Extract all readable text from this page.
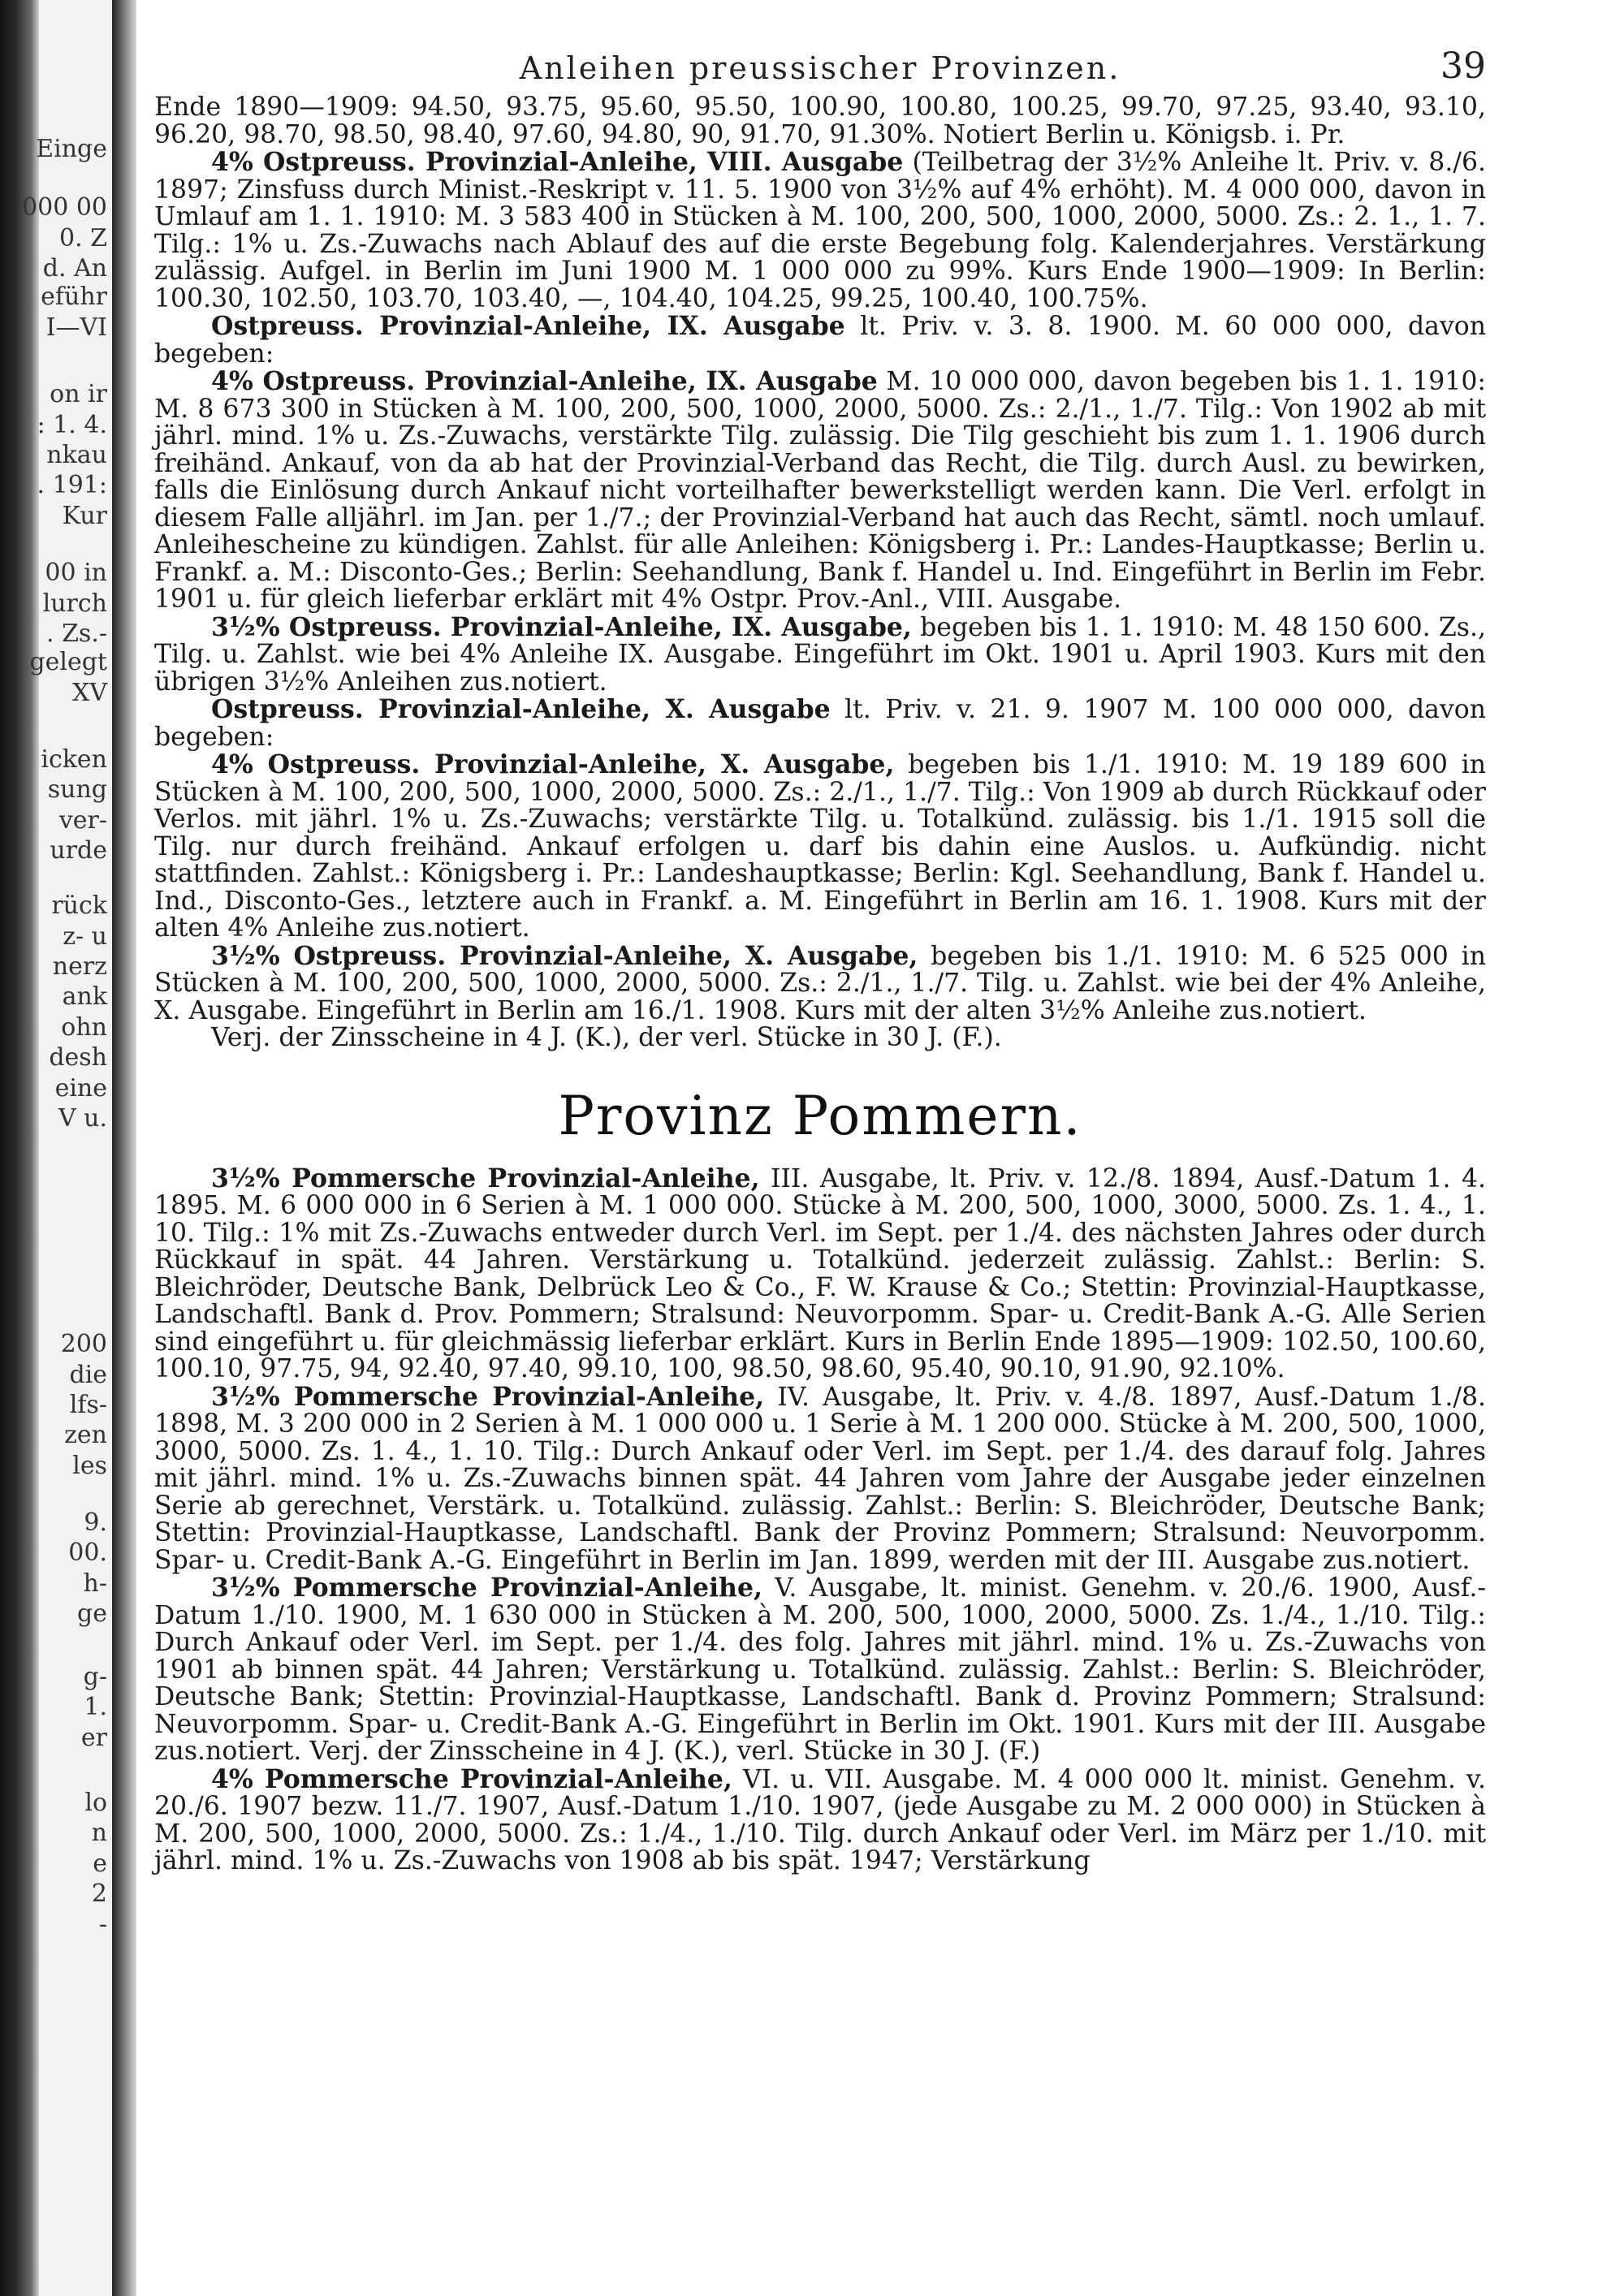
Einge
000 00
0. Z
d. An
eführ
I—VI
on ir
: 1. 4.
nkau
. 191:
Kur
00 in
lurch
. Zs.-
gelegt
XV
icken
sung
ver-
urde
rück
z- u
nerz
ank
ohn
desh
eine
V u.
200
die
lfs-
zen
les
9.
00.
h-
ge
g-
1.
er
lo
n
e
2
-
Anleihen preussischer Provinzen.	39

Ende 1890—1909: 94.50, 93.75, 95.60, 95.50, 100.90, 100.80, 100.25, 99.70, 97.25, 93.40, 93.10, 96.20, 98.70, 98.50, 98.40, 97.60, 94.80, 90, 91.70, 91.30%. Notiert Berlin u. Königsb. i. Pr.

4% Ostpreuss. Provinzial-Anleihe, VIII. Ausgabe (Teilbetrag der 3½% Anleihe lt. Priv. v. 8./6. 1897; Zinsfuss durch Minist.-Reskript v. 11. 5. 1900 von 3½% auf 4% erhöht). M. 4 000 000, davon in Umlauf am 1. 1. 1910: M. 3 583 400 in Stücken à M. 100, 200, 500, 1000, 2000, 5000. Zs.: 2. 1., 1. 7. Tilg.: 1% u. Zs.-Zuwachs nach Ablauf des auf die erste Begebung folg. Kalenderjahres. Verstärkung zulässig. Aufgel. in Berlin im Juni 1900 M. 1 000 000 zu 99%. Kurs Ende 1900—1909: In Berlin: 100.30, 102.50, 103.70, 103.40, —, 104.40, 104.25, 99.25, 100.40, 100.75%.

Ostpreuss. Provinzial-Anleihe, IX. Ausgabe lt. Priv. v. 3. 8. 1900. M. 60 000 000, davon begeben:

4% Ostpreuss. Provinzial-Anleihe, IX. Ausgabe M. 10 000 000, davon begeben bis 1. 1. 1910: M. 8 673 300 in Stücken à M. 100, 200, 500, 1000, 2000, 5000. Zs.: 2./1., 1./7. Tilg.: Von 1902 ab mit jährl. mind. 1% u. Zs.-Zuwachs, verstärkte Tilg. zulässig. Die Tilg geschieht bis zum 1. 1. 1906 durch freihänd. Ankauf, von da ab hat der Provinzial-Verband das Recht, die Tilg. durch Ausl. zu bewirken, falls die Einlösung durch Ankauf nicht vorteilhafter bewerkstelligt werden kann. Die Verl. erfolgt in diesem Falle alljährl. im Jan. per 1./7.; der Provinzial-Verband hat auch das Recht, sämtl. noch umlauf. Anleihescheine zu kündigen. Zahlst. für alle Anleihen: Königsberg i. Pr.: Landes-Hauptkasse; Berlin u. Frankf. a. M.: Disconto-Ges.; Berlin: Seehandlung, Bank f. Handel u. Ind. Eingeführt in Berlin im Febr. 1901 u. für gleich lieferbar erklärt mit 4% Ostpr. Prov.-Anl., VIII. Ausgabe.

3½% Ostpreuss. Provinzial-Anleihe, IX. Ausgabe, begeben bis 1. 1. 1910: M. 48 150 600. Zs., Tilg. u. Zahlst. wie bei 4% Anleihe IX. Ausgabe. Eingeführt im Okt. 1901 u. April 1903. Kurs mit den übrigen 3½% Anleihen zus.notiert.

Ostpreuss. Provinzial-Anleihe, X. Ausgabe lt. Priv. v. 21. 9. 1907 M. 100 000 000, davon begeben:

4% Ostpreuss. Provinzial-Anleihe, X. Ausgabe, begeben bis 1./1. 1910: M. 19 189 600 in Stücken à M. 100, 200, 500, 1000, 2000, 5000. Zs.: 2./1., 1./7. Tilg.: Von 1909 ab durch Rückkauf oder Verlos. mit jährl. 1% u. Zs.-Zuwachs; verstärkte Tilg. u. Totalkünd. zulässig. bis 1./1. 1915 soll die Tilg. nur durch freihänd. Ankauf erfolgen u. darf bis dahin eine Auslos. u. Aufkündig. nicht stattfinden. Zahlst.: Königsberg i. Pr.: Landeshauptkasse; Berlin: Kgl. Seehandlung, Bank f. Handel u. Ind., Disconto-Ges., letztere auch in Frankf. a. M. Eingeführt in Berlin am 16. 1. 1908. Kurs mit der alten 4% Anleihe zus.notiert.

3½% Ostpreuss. Provinzial-Anleihe, X. Ausgabe, begeben bis 1./1. 1910: M. 6 525 000 in Stücken à M. 100, 200, 500, 1000, 2000, 5000. Zs.: 2./1., 1./7. Tilg. u. Zahlst. wie bei der 4% Anleihe, X. Ausgabe. Eingeführt in Berlin am 16./1. 1908. Kurs mit der alten 3½% Anleihe zus.notiert.

Verj. der Zinsscheine in 4 J. (K.), der verl. Stücke in 30 J. (F.).

Provinz Pommern.

3½% Pommersche Provinzial-Anleihe, III. Ausgabe, lt. Priv. v. 12./8. 1894, Ausf.-Datum 1. 4. 1895. M. 6 000 000 in 6 Serien à M. 1 000 000. Stücke à M. 200, 500, 1000, 3000, 5000. Zs. 1. 4., 1. 10. Tilg.: 1% mit Zs.-Zuwachs entweder durch Verl. im Sept. per 1./4. des nächsten Jahres oder durch Rückkauf in spät. 44 Jahren. Verstärkung u. Totalkünd. jederzeit zulässig. Zahlst.: Berlin: S. Bleichröder, Deutsche Bank, Delbrück Leo & Co., F. W. Krause & Co.; Stettin: Provinzial-Hauptkasse, Landschaftl. Bank d. Prov. Pommern; Stralsund: Neuvorpomm. Spar- u. Credit-Bank A.-G. Alle Serien sind eingeführt u. für gleichmässig lieferbar erklärt. Kurs in Berlin Ende 1895—1909: 102.50, 100.60, 100.10, 97.75, 94, 92.40, 97.40, 99.10, 100, 98.50, 98.60, 95.40, 90.10, 91.90, 92.10%.

3½% Pommersche Provinzial-Anleihe, IV. Ausgabe, lt. Priv. v. 4./8. 1897, Ausf.-Datum 1./8. 1898, M. 3 200 000 in 2 Serien à M. 1 000 000 u. 1 Serie à M. 1 200 000. Stücke à M. 200, 500, 1000, 3000, 5000. Zs. 1. 4., 1. 10. Tilg.: Durch Ankauf oder Verl. im Sept. per 1./4. des darauf folg. Jahres mit jährl. mind. 1% u. Zs.-Zuwachs binnen spät. 44 Jahren vom Jahre der Ausgabe jeder einzelnen Serie ab gerechnet, Verstärk. u. Totalkünd. zulässig. Zahlst.: Berlin: S. Bleichröder, Deutsche Bank; Stettin: Provinzial-Hauptkasse, Landschaftl. Bank der Provinz Pommern; Stralsund: Neuvorpomm. Spar- u. Credit-Bank A.-G. Eingeführt in Berlin im Jan. 1899, werden mit der III. Ausgabe zus.notiert.

3½% Pommersche Provinzial-Anleihe, V. Ausgabe, lt. minist. Genehm. v. 20./6. 1900, Ausf.-Datum 1./10. 1900, M. 1 630 000 in Stücken à M. 200, 500, 1000, 2000, 5000. Zs. 1./4., 1./10. Tilg.: Durch Ankauf oder Verl. im Sept. per 1./4. des folg. Jahres mit jährl. mind. 1% u. Zs.-Zuwachs von 1901 ab binnen spät. 44 Jahren; Verstärkung u. Totalkünd. zulässig. Zahlst.: Berlin: S. Bleichröder, Deutsche Bank; Stettin: Provinzial-Hauptkasse, Landschaftl. Bank d. Provinz Pommern; Stralsund: Neuvorpomm. Spar- u. Credit-Bank A.-G. Eingeführt in Berlin im Okt. 1901. Kurs mit der III. Ausgabe zus.notiert. Verj. der Zinsscheine in 4 J. (K.), verl. Stücke in 30 J. (F.)

4% Pommersche Provinzial-Anleihe, VI. u. VII. Ausgabe. M. 4 000 000 lt. minist. Genehm. v. 20./6. 1907 bezw. 11./7. 1907, Ausf.-Datum 1./10. 1907, (jede Ausgabe zu M. 2 000 000) in Stücken à M. 200, 500, 1000, 2000, 5000. Zs.: 1./4., 1./10. Tilg. durch Ankauf oder Verl. im März per 1./10. mit jährl. mind. 1% u. Zs.-Zuwachs von 1908 ab bis spät. 1947; Verstärkung
